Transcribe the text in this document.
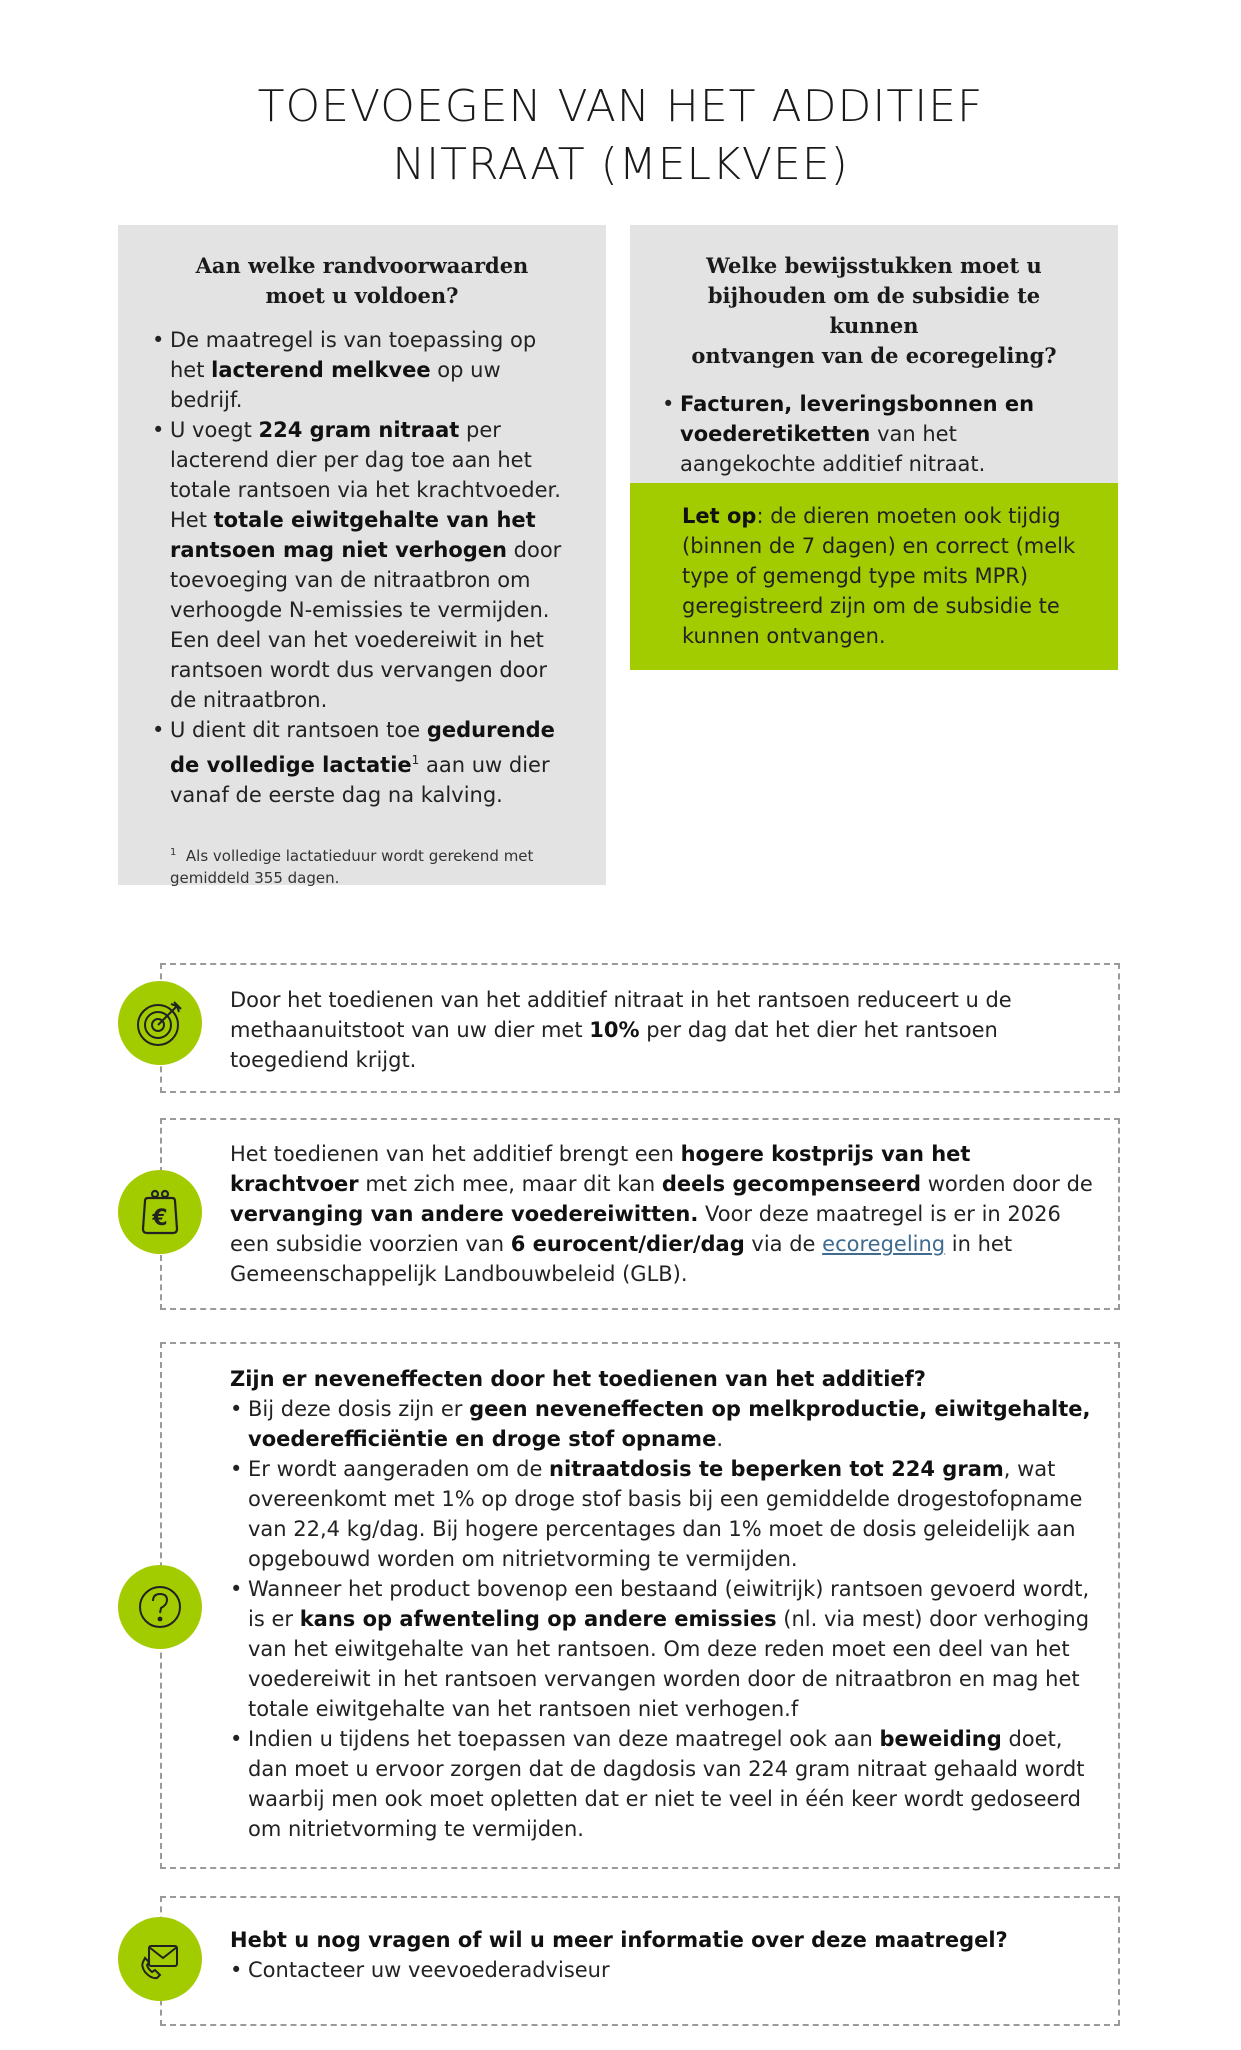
TOEVOEGEN VAN HET ADDITIEF
NITRAAT (MELKVEE)
Aan welke randvoorwaarden
moet u voldoen?
• De maatregel is van toepassing op het lacterend melkvee op uw bedrijf.
• U voegt 224 gram nitraat per lacterend dier per dag toe aan het totale rantsoen via het krachtvoeder. Het totale eiwitgehalte van het rantsoen mag niet verhogen door toevoeging van de nitraatbron om verhoogde N-emissies te vermijden. Een deel van het voedereiwit in het rantsoen wordt dus vervangen door de nitraatbron.
• U dient dit rantsoen toe gedurende de volledige lactatie$^1$ aan uw dier vanaf de eerste dag na kalving.
$^1$ Als volledige lactatieduur wordt gerekend met gemiddeld 355 dagen.
Welke bewijsstukken moet u
bijhouden om de subsidie te kunnen
ontvangen van de ecoregeling?
• Facturen, leveringsbonnen en voederetiketten van het aangekochte additief nitraat.
Let op: de dieren moeten ook tijdig (binnen de 7 dagen) en correct (melk type of gemengd type mits MPR) geregistreerd zijn om de subsidie te kunnen ontvangen.
Door het toedienen van het additief nitraat in het rantsoen reduceert u de methaanuitstoot van uw dier met 10% per dag dat het dier het rantsoen toegediend krijgt.
€
Het toedienen van het additief brengt een hogere kostprijs van het krachtvoer met zich mee, maar dit kan deels gecompenseerd worden door de vervanging van andere voedereiwitten. Voor deze maatregel is er in 2026 een subsidie voorzien van 6 eurocent/dier/dag via de ecoregeling in het Gemeenschappelijk Landbouwbeleid (GLB).
Zijn er neveneffecten door het toedienen van het additief?
• Bij deze dosis zijn er geen neveneffecten op melkproductie, eiwitgehalte, voederefficiëntie en droge stof opname.
• Er wordt aangeraden om de nitraatdosis te beperken tot 224 gram, wat overeenkomt met 1% op droge stof basis bij een gemiddelde drogestofopname van 22,4 kg/dag. Bij hogere percentages dan 1% moet de dosis geleidelijk aan opgebouwd worden om nitrietvorming te vermijden.
• Wanneer het product bovenop een bestaand (eiwitrijk) rantsoen gevoerd wordt, is er kans op afwenteling op andere emissies (nl. via mest) door verhoging van het eiwitgehalte van het rantsoen. Om deze reden moet een deel van het voedereiwit in het rantsoen vervangen worden door de nitraatbron en mag het totale eiwitgehalte van het rantsoen niet verhogen.f
• Indien u tijdens het toepassen van deze maatregel ook aan beweiding doet, dan moet u ervoor zorgen dat de dagdosis van 224 gram nitraat gehaald wordt waarbij men ook moet opletten dat er niet te veel in één keer wordt gedoseerd om nitrietvorming te vermijden.
Hebt u nog vragen of wil u meer informatie over deze maatregel?
• Contacteer uw veevoederadviseur
